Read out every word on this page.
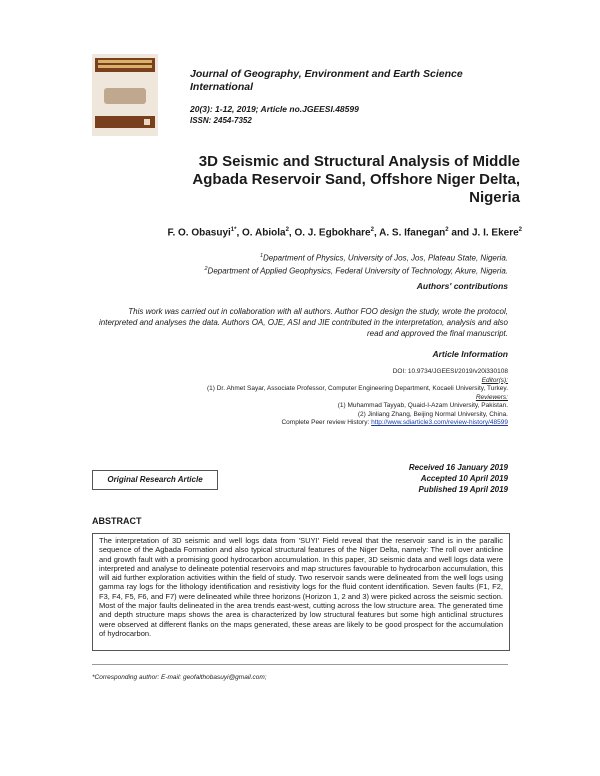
Journal of Geography, Environment and Earth Science International
20(3): 1-12, 2019; Article no.JGEESI.48599
ISSN: 2454-7352
3D Seismic and Structural Analysis of Middle
Agbada Reservoir Sand, Offshore Niger Delta,
Nigeria
F. O. Obasuyi$^{1*}$, O. Abiola$^2$, O. J. Egbokhare$^2$, A. S. Ifanegan$^2$ and J. I. Ekere$^2$
$^1$Department of Physics, University of Jos, Jos, Plateau State, Nigeria.
$^2$Department of Applied Geophysics, Federal University of Technology, Akure, Nigeria.
Authors' contributions
This work was carried out in collaboration with all authors. Author FOO design the study, wrote the protocol, interpreted and analyses the data. Authors OA, OJE, ASI and JIE contributed in the interpretation, analysis and also read and approved the final manuscript.
Article Information
DOI: 10.9734/JGEESI/2019/v20i330108
Editor(s):
(1) Dr. Ahmet Sayar, Associate Professor, Computer Engineering Department, Kocaeli University, Turkey.
Reviewers:
(1) Muhammad Tayyab, Quaid-I-Azam University, Pakistan.
(2) Jinliang Zhang, Beijing Normal University, China.
Complete Peer review History: http://www.sdiarticle3.com/review-history/48599
Original Research Article
Received 16 January 2019
Accepted 10 April 2019
Published 19 April 2019
ABSTRACT
The interpretation of 3D seismic and well logs data from 'SUYI' Field reveal that the reservoir sand is in the parallic sequence of the Agbada Formation and also typical structural features of the Niger Delta, namely: The roll over anticline and growth fault with a promising good hydrocarbon accumulation. In this paper, 3D seismic data and well logs data were interpreted and analyse to delineate potential reservoirs and map structures favourable to hydrocarbon accumulation, this will aid further exploration activities within the field of study. Two reservoir sands were delineated from the well logs using gamma ray logs for the lithology identification and resistivity logs for the fluid content identification. Seven faults (F1, F2, F3, F4, F5, F6, and F7) were delineated while three horizons (Horizon 1, 2 and 3) were picked across the seismic section. Most of the major faults delineated in the area trends east-west, cutting across the low structure area. The generated time and depth structure maps shows the area is characterized by low structural features but some high anticlinal structures were observed at different flanks on the maps generated, these areas are likely to be good prospect for the accumulation of hydrocarbon.
*Corresponding author: E-mail: geofalthobasuyi@gmail.com;
